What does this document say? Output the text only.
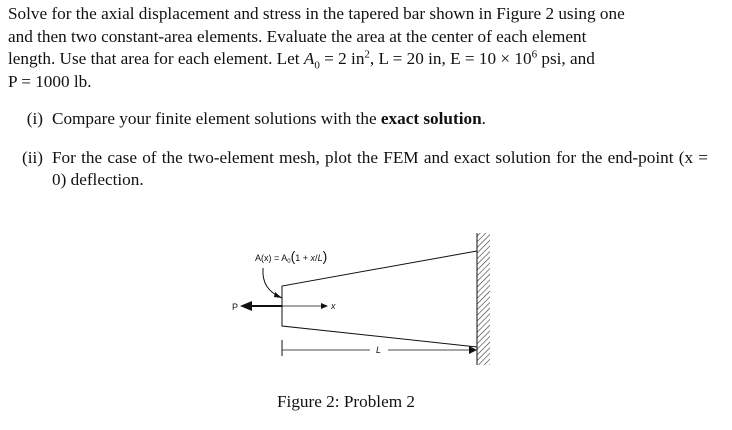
Solve for the axial displacement and stress in the tapered bar shown in Figure 2 using one

and then two constant-area elements. Evaluate the area at the center of each element

length. Use that area for each element. Let $A_0 = 2$ $in^2$, L = 20 in, $E = 10 \times 10^6$ psi, and

P = 1000 lb.

(i) Compare your finite element solutions with the exact solution.
(ii) For the case of the two-element mesh, plot the FEM and exact solution for the end-point (x = 0) deflection.
$A(x) = A_0(1 + x/L)$
P	x
L
Figure 2: Problem 2
